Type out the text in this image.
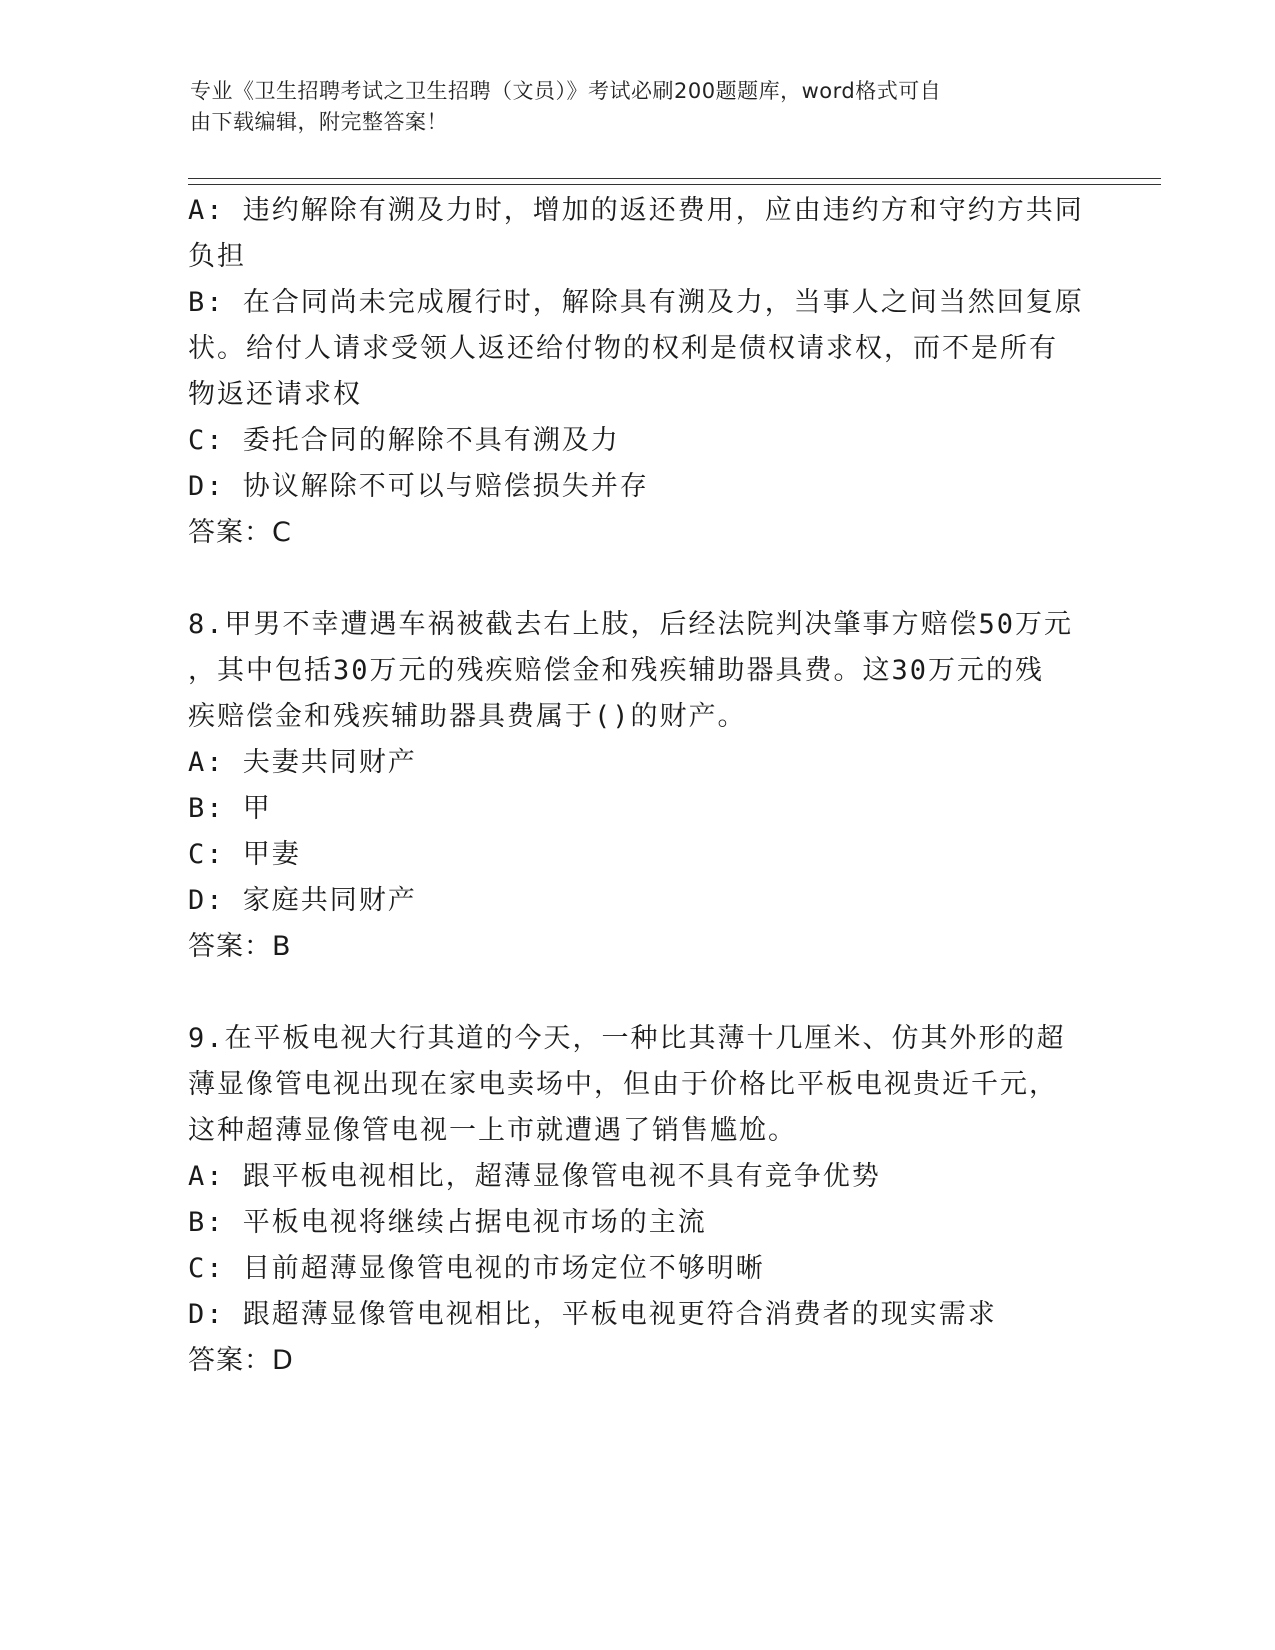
专业《卫生招聘考试之卫生招聘（文员）》考试必刷200题题库，word格式可自
由下载编辑，附完整答案！

A: 违约解除有溯及力时，增加的返还费用，应由违约方和守约方共同

负担

B: 在合同尚未完成履行时，解除具有溯及力，当事人之间当然回复原

状。给付人请求受领人返还给付物的权利是债权请求权，而不是所有

物返还请求权

C: 委托合同的解除不具有溯及力

D: 协议解除不可以与赔偿损失并存

答案：C

8.甲男不幸遭遇车祸被截去右上肢，后经法院判决肇事方赔偿50万元

，其中包括30万元的残疾赔偿金和残疾辅助器具费。这30万元的残

疾赔偿金和残疾辅助器具费属于()的财产。

A: 夫妻共同财产

B: 甲

C: 甲妻

D: 家庭共同财产

答案：B

9.在平板电视大行其道的今天，一种比其薄十几厘米、仿其外形的超

薄显像管电视出现在家电卖场中，但由于价格比平板电视贵近千元，

这种超薄显像管电视一上市就遭遇了销售尴尬。

A: 跟平板电视相比，超薄显像管电视不具有竞争优势

B: 平板电视将继续占据电视市场的主流

C: 目前超薄显像管电视的市场定位不够明晰

D: 跟超薄显像管电视相比，平板电视更符合消费者的现实需求

答案：D
